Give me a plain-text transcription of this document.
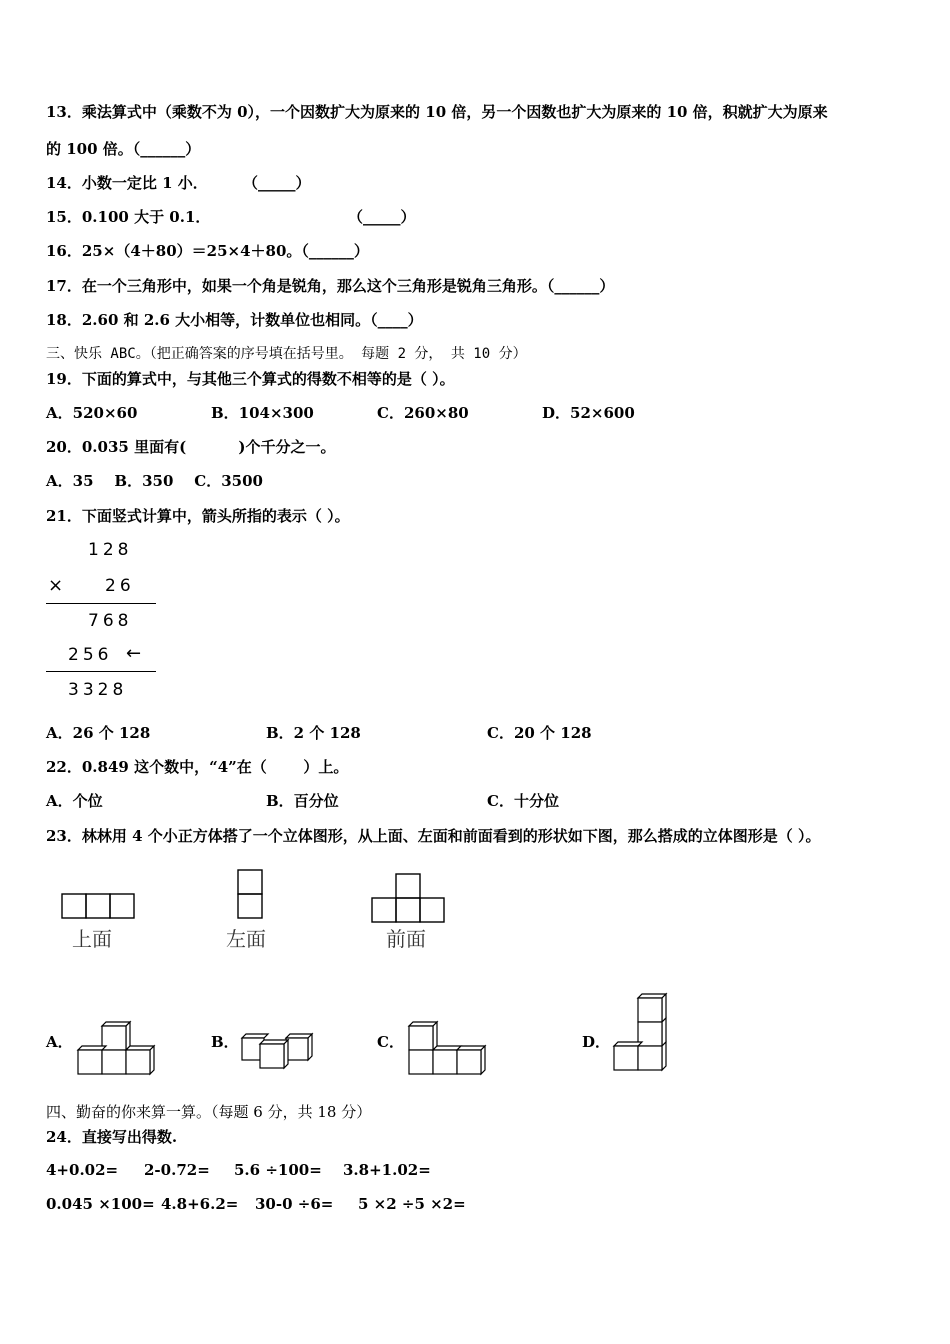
13．乘法算式中（乘数不为 0），一个因数扩大为原来的 10 倍，另一个因数也扩大为原来的 10 倍，积就扩大为原来
的 100 倍。（______）
14．小数一定比 1 小． （_____）
15．0.100 大于 0.1．	（_____）
16．25×（4＋80）＝25×4＋80。（______）
17．在一个三角形中，如果一个角是锐角，那么这个三角形是锐角三角形。（______）
18．2.60 和 2.6 大小相等，计数单位也相同。（____）
三、快乐 ABC。（把正确答案的序号填在括号里。 每题 2 分， 共 10 分）
19．下面的算式中，与其他三个算式的得数不相等的是（ ）。
A．520×60	B．104×300	C．260×80	D．52×600
20．0.035 里面有(          )个千分之一。
A．35    B．350    C．3500
21．下面竖式计算中，箭头所指的表示（ ）。
128
× 26
768
256 ←
3328
A．26 个 128	B．2 个 128	C．20 个 128
22．0.849 这个数中，“4”在（       ）上。
A．个位	B．百分位	C．十分位
23．林林用 4 个小正方体搭了一个立体图形，从上面、左面和前面看到的形状如下图，那么搭成的立体图形是（ ）。
上面	左面	前面
A．	B．	C．	D．
四、勤奋的你来算一算。（每题 6 分，共 18 分）
24．直接写出得数.
4+0.02= 2-0.72= 5.6 ÷100= 3.8+1.02=
0.045 ×100= 4.8+6.2= 30-0 ÷6= 5 ×2 ÷5 ×2=
